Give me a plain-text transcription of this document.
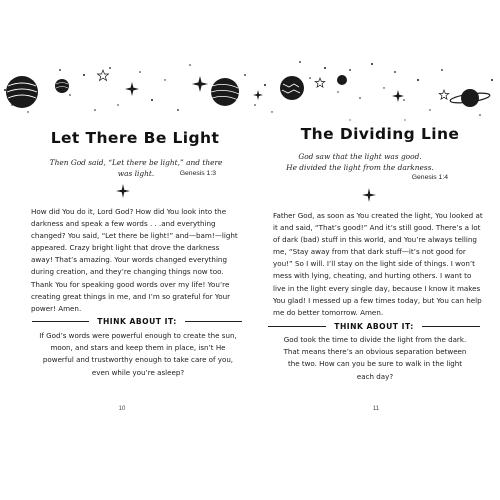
Let There Be Light

Then God said, “Let there be light,” and there was light.	Genesis 1:3

How did You do it, Lord God? How did You look into the darkness and speak a few words . . .and everything changed? You said, “Let there be light!” and—bam!—light appeared. Crazy bright light that drove the darkness away! That’s amazing. Your words changed everything during creation, and they’re changing things now too. Thank You for speaking good words over my life! You’re creating great things in me, and I’m so grateful for Your power! Amen.

THINK ABOUT IT:

If God’s words were powerful enough to create the sun, moon, and stars and keep them in place, isn’t He powerful and trustworthy enough to take care of you, even while you’re asleep?

10
The Dividing Line
God saw that the light was good.
He divided the light from the darkness.

Genesis 1:4

Father God, as soon as You created the light, You looked at it and said, “That’s good!” And it’s still good. There’s a lot of dark (bad) stuff in this world, and You’re always telling me, “Stay away from that dark stuff—it’s not good for you!” So I will. I’ll stay on the light side of things. I won’t mess with lying, cheating, and hurting others. I want to live in the light every single day, because I know it makes You glad! I messed up a few times today, but You can help me do better tomorrow. Amen.

THINK ABOUT IT:

God took the time to divide the light from the dark. That means there’s an obvious separation between the two. How can you be sure to walk in the light each day?

11
